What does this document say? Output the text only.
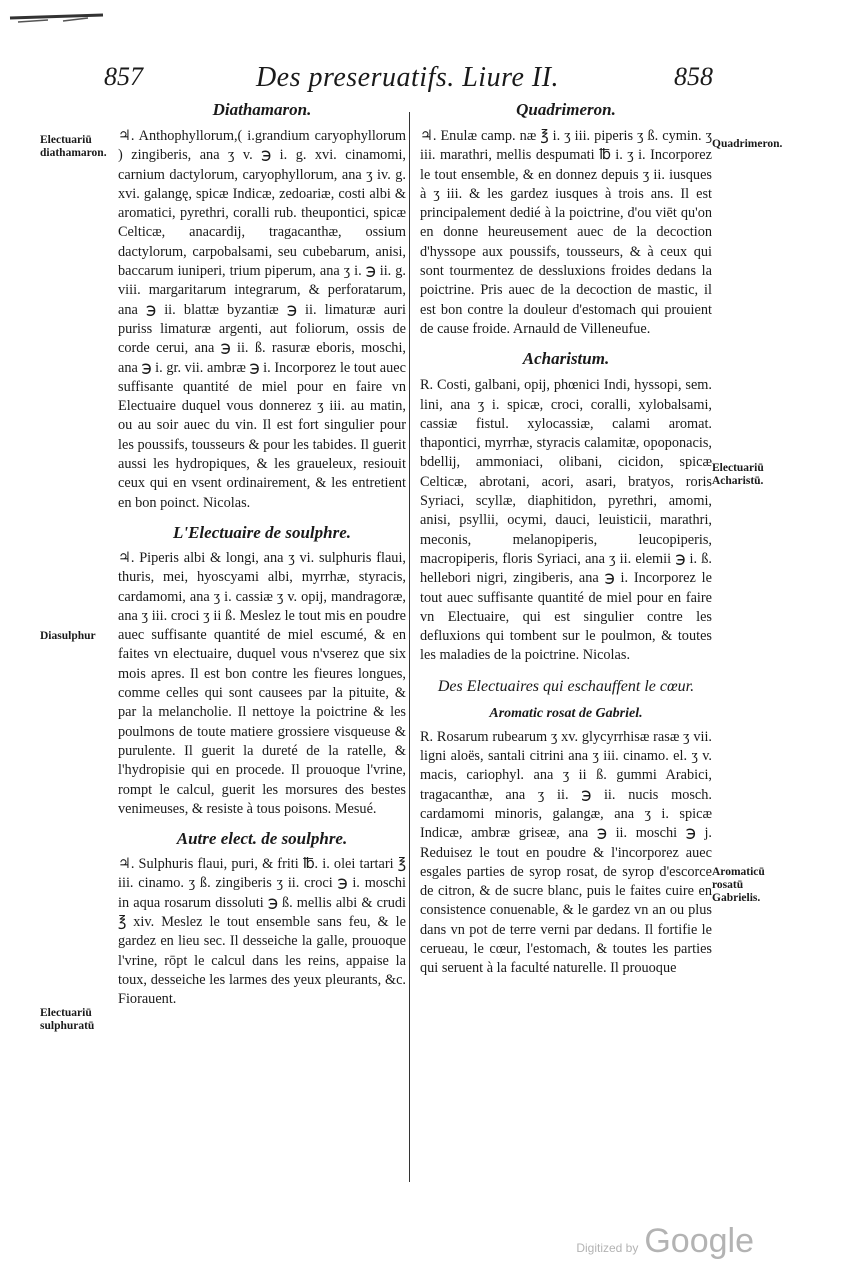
857	Des preseruatifs. Liure II.	858
Electuariū diathamaron.
Diasulphur
Electuariū sulphuratū
Quadrimeron.
Electuariū Acharistū.
Aromaticū rosatū Gabrielis.
Diathamaron.

♃. Anthophyllorum,( i.grandium caryophyllorum ) zingiberis, ana ʒ v. ℈ i. g. xvi. cinamomi, carnium dactylorum, caryophyllorum, ana ʒ iv. g. xvi. galangę, spicæ Indicæ, zedoariæ, costi albi & aromatici, pyrethri, coralli rub. theupontici, spicæ Celticæ, anacardij, tragacanthæ, ossium dactylorum, carpobalsami, seu cubebarum, anisi, baccarum iuniperi, trium piperum, ana ʒ i. ℈ ii. g. viii. margaritarum integrarum, & perforatarum, ana ℈ ii. blattæ byzantiæ ℈ ii. limaturæ auri puriss limaturæ argenti, aut foliorum, ossis de corde cerui, ana ℈ ii. ß. rasuræ eboris, moschi, ana ℈ i. gr. vii. ambræ ℈ i. Incorporez le tout auec suffisante quantité de miel pour en faire vn Electuaire duquel vous donnerez ʒ iii. au matin, ou au soir auec du vin. Il est fort singulier pour les poussifs, tousseurs & pour les tabides. Il guerit aussi les hydropiques, & les graueleux, resiouit ceux qui en vsent ordinairement, & les entretient en bon poinct. Nicolas.

L'Electuaire de soulphre.

♃. Piperis albi & longi, ana ʒ vi. sulphuris flaui, thuris, mei, hyoscyami albi, myrrhæ, styracis, cardamomi, ana ʒ i. cassiæ ʒ v. opij, mandragoræ, ana ʒ iii. croci ʒ ii ß. Meslez le tout mis en poudre auec suffisante quantité de miel escumé, & en faites vn electuaire, duquel vous n'vserez que six mois apres. Il est bon contre les fieures longues, comme celles qui sont causees par la pituite, & par la melancholie. Il nettoye la poictrine & les poulmons de toute matiere grossiere visqueuse & purulente. Il guerit la dureté de la ratelle, & l'hydropisie qui en procede. Il prouoque l'vrine, rompt le calcul, guerit les morsures des bestes venimeuses, & resiste à tous poisons. Mesué.

Autre elect. de soulphre.

♃. Sulphuris flaui, puri, & friti ℔. i. olei tartari ℥ iii. cinamo. ʒ ß. zingiberis ʒ ii. croci ℈ i. moschi in aqua rosarum dissoluti ℈ ß. mellis albi & crudi ℥ xiv. Meslez le tout ensemble sans feu, & le gardez en lieu sec. Il desseiche la galle, prouoque l'vrine, rōpt le calcul dans les reins, appaise la toux, desseiche les larmes des yeux pleurants, &c. Fiorauent.

Quadrimeron.

♃. Enulæ camp. næ ℥ i. ʒ iii. piperis ʒ ß. cymin. ʒ iii. marathri, mellis despumati ℔ i. ʒ i. Incorporez le tout ensemble, & en donnez depuis ʒ ii. iusques à ʒ iii. & les gardez iusques à trois ans. Il est principalement dedié à la poictrine, d'ou viēt qu'on en donne heureusement auec de la decoction d'hyssope aux poussifs, tousseurs, & à ceux qui sont tourmentez de dessluxions froides dedans la poictrine. Pris auec de la decoction de mastic, il est bon contre la douleur d'estomach qui prouient de cause froide. Arnauld de Villeneufue.

Acharistum.

R. Costi, galbani, opij, phœnici Indi, hyssopi, sem. lini, ana ʒ i. spicæ, croci, coralli, xylobalsami, cassiæ fistul. xylocassiæ, calami aromat. thapontici, myrrhæ, styracis calamitæ, opoponacis, bdellij, ammoniaci, olibani, cicidon, spicæ Celticæ, abrotani, acori, asari, bratyos, roris Syriaci, scyllæ, diaphitidon, pyrethri, amomi, anisi, psyllii, ocymi, dauci, leuisticii, marathri, meconis, melanopiperis, leucopiperis, macropiperis, floris Syriaci, ana ʒ ii. elemii ℈ i. ß. hellebori nigri, zingiberis, ana ℈ i. Incorporez le tout auec suffisante quantité de miel pour en faire vn Electuaire, qui est singulier contre les defluxions qui tombent sur le poulmon, & toutes les maladies de la poictrine. Nicolas.

Des Electuaires qui eschauffent le cœur.
Aromatic rosat de Gabriel.

R. Rosarum rubearum ʒ xv. glycyrrhisæ rasæ ʒ vii. ligni aloës, santali citrini ana ʒ iii. cinamo. el. ʒ v. macis, cariophyl. ana ʒ ii ß. gummi Arabici, tragacanthæ, ana ʒ ii. ℈ ii. nucis mosch. cardamomi minoris, galangæ, ana ʒ i. spicæ Indicæ, ambræ griseæ, ana ℈ ii. moschi ℈ j. Reduisez le tout en poudre & l'incorporez auec esgales parties de syrop rosat, de syrop d'escorce de citron, & de sucre blanc, puis le faites cuire en consistence conuenable, & le gardez vn an ou plus dans vn pot de terre verni par dedans. Il fortifie le cerueau, le cœur, l'estomach, & toutes les parties qui seruent à la faculté naturelle. Il prouoque

Digitized by Google
